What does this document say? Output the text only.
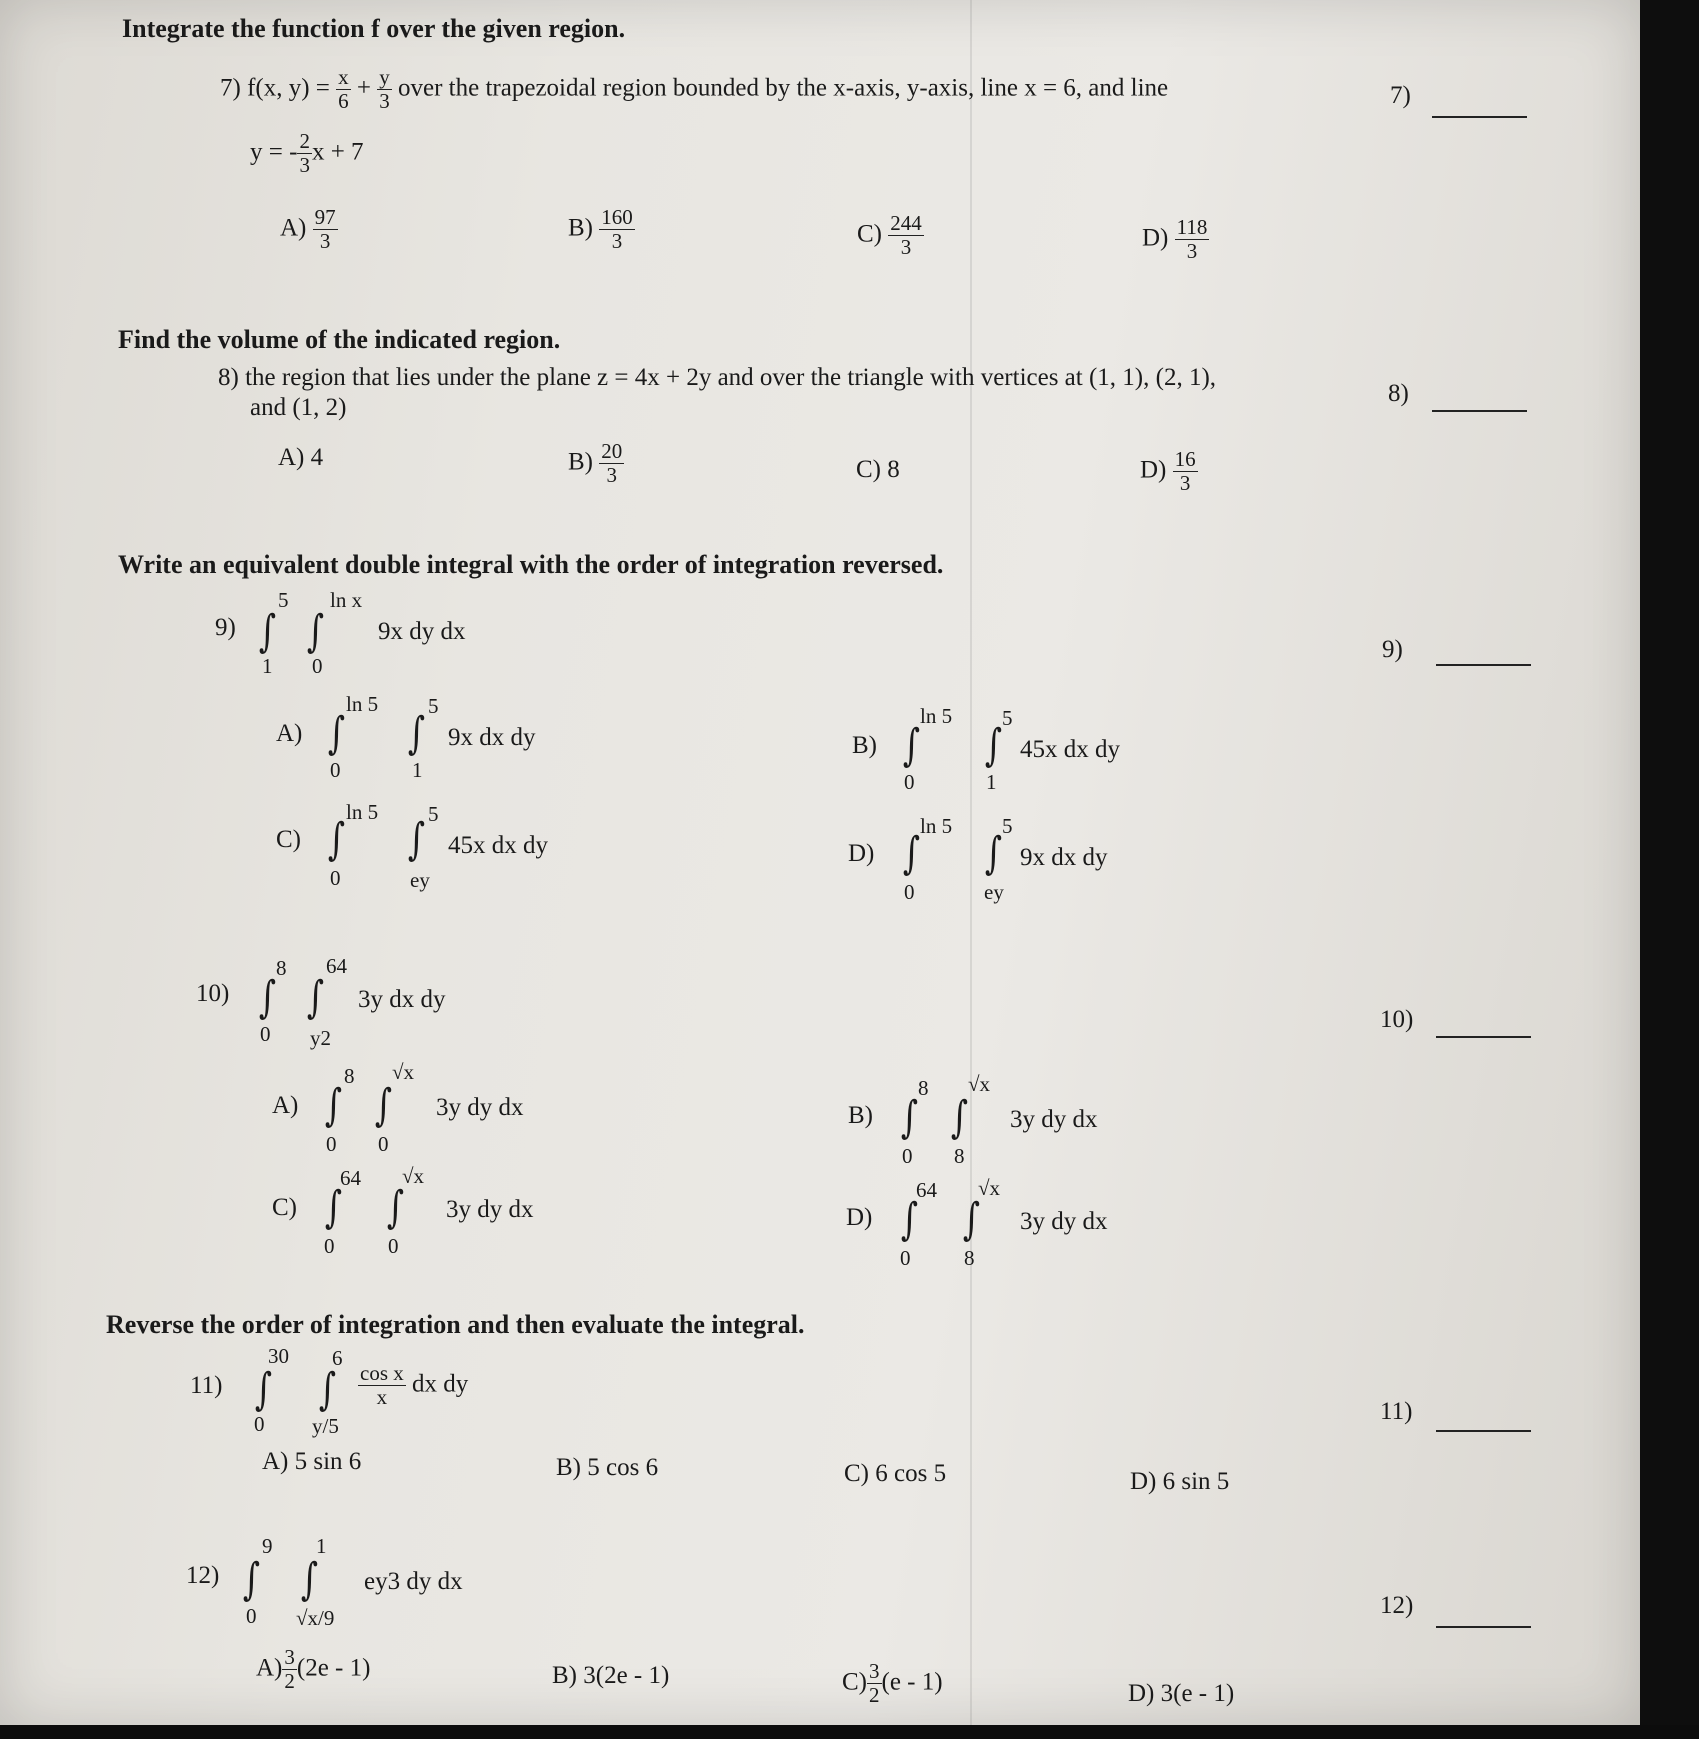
Integrate the function f over the given region.
7) f(x, $y) = \frac{x}{6} + \frac{y}{3}$ over the trapezoidal region bounded by the x-axis, y-axis, line x = 6, and line
y = - $\frac{2}{3}$ x + 7
7)
$A) \frac{97}{3}$	$B) \frac{160}{3}$	$C) \frac{244}{3}$	$D) \frac{118}{3}$
Find the volume of the indicated region.
8) the region that lies under the plane z = 4x + 2y and over the triangle with vertices at (1, 1), (2, 1),
and (1, 2)
8)
A) 4	$B) \frac{20}{3}$	C) 8	$D) \frac{16}{3}$
Write an equivalent double integral with the order of integration reversed.
9) ∫
5
1
∫
ln x
0
9x dy dx
9)
A) ∫
ln 5
0
∫
5
1
9x dx dy	B) ∫
ln 5
0
∫
5
1
45x dx dy
C) ∫
ln 5
0
∫ 5
ey
45x dx dy	D) ∫
ln 5
0
∫
5
ey
9x dx dy
10) ∫
8
0
∫
64
y2
3y dx dy
10)
A) ∫
8
0
∫
√x
0
3y dy dx	B) ∫
8
0
∫
√x
8
3y dy dx
C) ∫
64
0
∫
√x
0
3y dy dx	D) ∫
64
0
∫
√x
8
3y dy dx
Reverse the order of integration and then evaluate the integral.
11) ∫
30
0
∫
6
y/5
$\frac{\text{cos x}}{x}$ dx dy
11)
A) 5 sin 6	B) 5 cos 6	C) 6 cos 5	D) 6 sin 5
12) ∫
9
0
∫
1
√x/9
ey3 dy dx
12)
$A) \frac{3}{2} (2e - 1)$	B) 3(2e - 1)	$C) \frac{3}{2} (e - 1)$	D) 3(e - 1)
